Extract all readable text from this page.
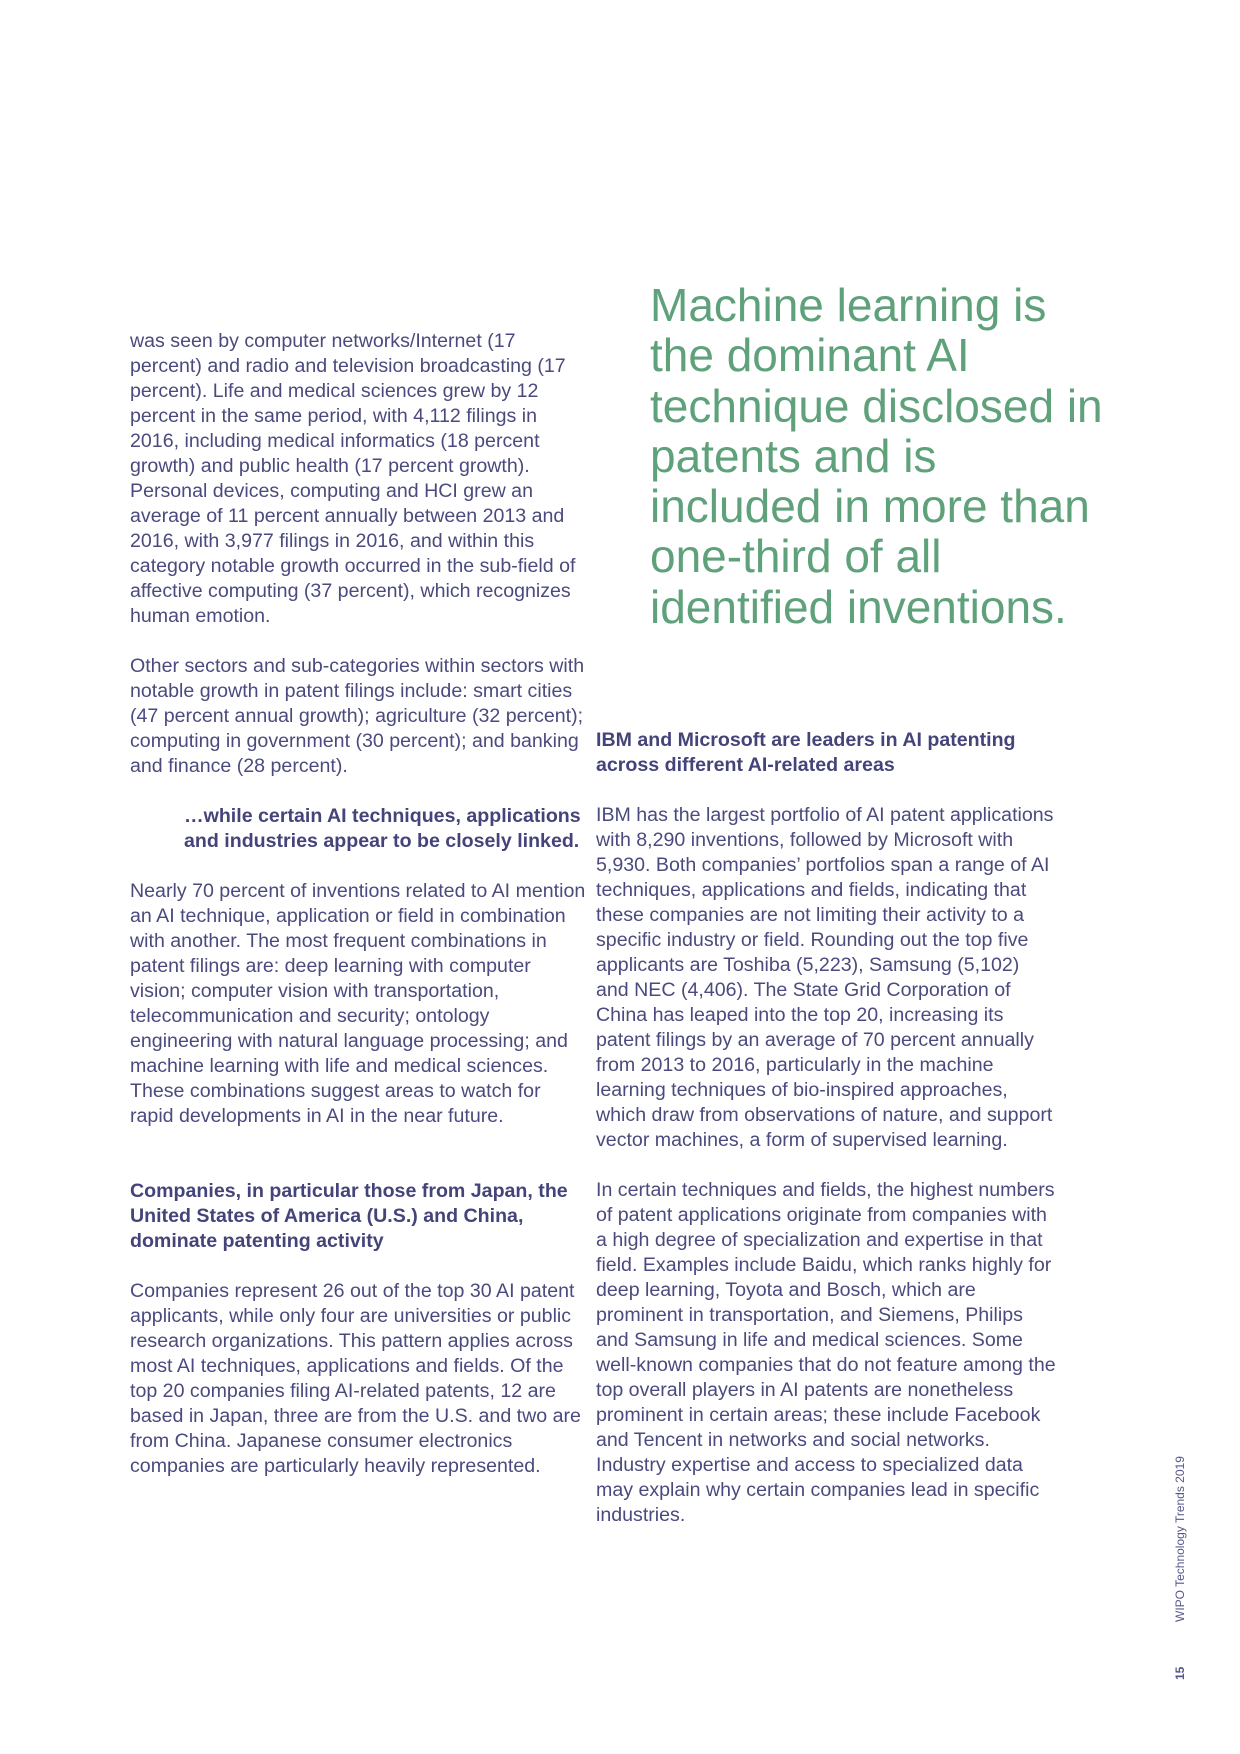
was seen by computer networks/Internet (17 percent) and radio and television broadcasting (17 percent). Life and medical sciences grew by 12 percent in the same period, with 4,112 filings in 2016, including medical informatics (18 percent growth) and public health (17 percent growth). Personal devices, computing and HCI grew an average of 11 percent annually between 2013 and 2016, with 3,977 filings in 2016, and within this category notable growth occurred in the sub-field of affective computing (37 percent), which recognizes human emotion.

Other sectors and sub-categories within sectors with notable growth in patent filings include: smart cities (47 percent annual growth); agriculture (32 percent); computing in government (30 percent); and banking and finance (28 percent).

…while certain AI techniques, applications and industries appear to be closely linked.

Nearly 70 percent of inventions related to AI mention an AI technique, application or field in combination with another. The most frequent combinations in patent filings are: deep learning with computer vision; computer vision with transportation, telecommunication and security; ontology engineering with natural language processing; and machine learning with life and medical sciences. These combinations suggest areas to watch for rapid developments in AI in the near future.

Companies, in particular those from Japan, the United States of America (U.S.) and China, dominate patenting activity

Companies represent 26 out of the top 30 AI patent applicants, while only four are universities or public research organizations. This pattern applies across most AI techniques, applications and fields. Of the top 20 companies filing AI-related patents, 12 are based in Japan, three are from the U.S. and two are from China. Japanese consumer electronics companies are particularly heavily represented.

Machine learning is the dominant AI technique disclosed in patents and is included in more than one-third of all identified inventions.

IBM and Microsoft are leaders in AI patenting across different AI-related areas

IBM has the largest portfolio of AI patent applications with 8,290 inventions, followed by Microsoft with 5,930. Both companies’ portfolios span a range of AI techniques, applications and fields, indicating that these companies are not limiting their activity to a specific industry or field. Rounding out the top five applicants are Toshiba (5,223), Samsung (5,102) and NEC (4,406). The State Grid Corporation of China has leaped into the top 20, increasing its patent filings by an average of 70 percent annually from 2013 to 2016, particularly in the machine learning techniques of bio-inspired approaches, which draw from observations of nature, and support vector machines, a form of supervised learning.

In certain techniques and fields, the highest numbers of patent applications originate from companies with a high degree of specialization and expertise in that field. Examples include Baidu, which ranks highly for deep learning, Toyota and Bosch, which are prominent in transportation, and Siemens, Philips and Samsung in life and medical sciences. Some well-known companies that do not feature among the top overall players in AI patents are nonetheless prominent in certain areas; these include Facebook and Tencent in networks and social networks. Industry expertise and access to specialized data may explain why certain companies lead in specific industries.	WIPO Technology Trends 2019
15
